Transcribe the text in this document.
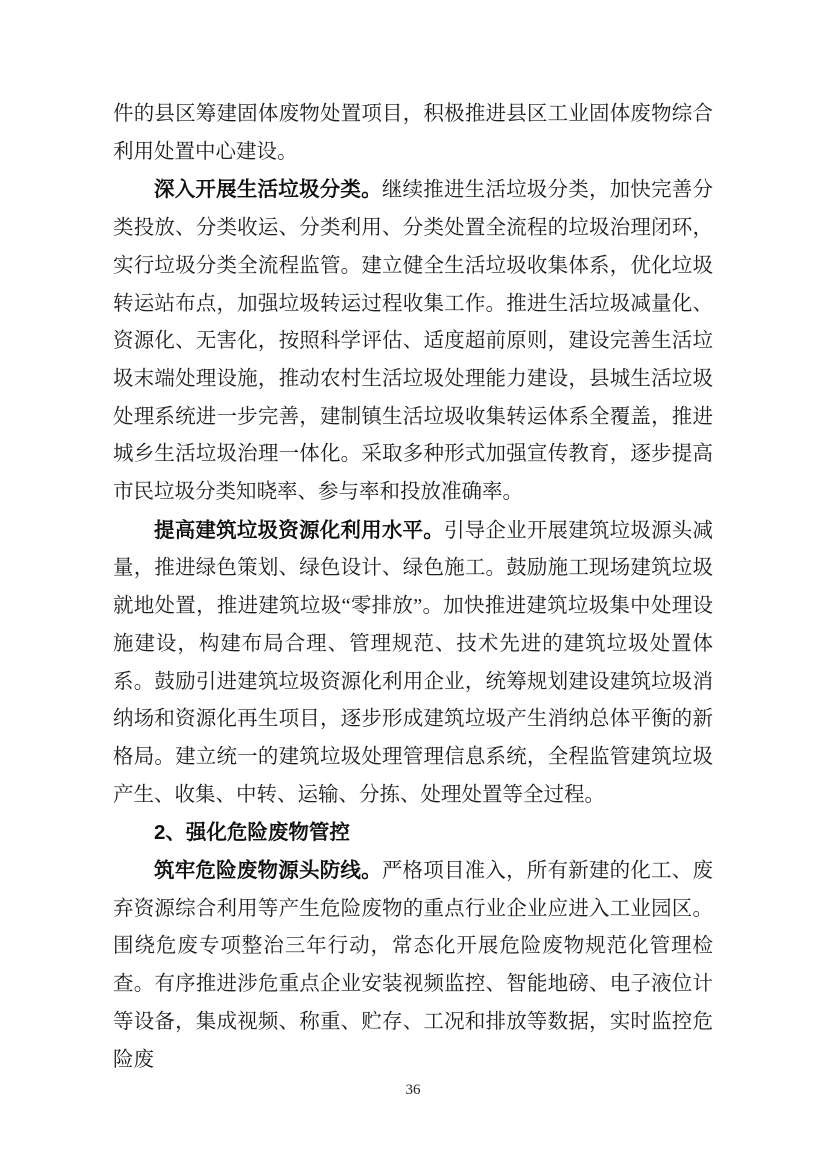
件的县区筹建固体废物处置项目，积极推进县区工业固体废物综合利用处置中心建设。

深入开展生活垃圾分类。继续推进生活垃圾分类，加快完善分类投放、分类收运、分类利用、分类处置全流程的垃圾治理闭环，实行垃圾分类全流程监管。建立健全生活垃圾收集体系，优化垃圾转运站布点，加强垃圾转运过程收集工作。推进生活垃圾减量化、资源化、无害化，按照科学评估、适度超前原则，建设完善生活垃圾末端处理设施，推动农村生活垃圾处理能力建设，县城生活垃圾处理系统进一步完善，建制镇生活垃圾收集转运体系全覆盖，推进城乡生活垃圾治理一体化。采取多种形式加强宣传教育，逐步提高市民垃圾分类知晓率、参与率和投放准确率。

提高建筑垃圾资源化利用水平。引导企业开展建筑垃圾源头减量，推进绿色策划、绿色设计、绿色施工。鼓励施工现场建筑垃圾就地处置，推进建筑垃圾“零排放”。加快推进建筑垃圾集中处理设施建设，构建布局合理、管理规范、技术先进的建筑垃圾处置体系。鼓励引进建筑垃圾资源化利用企业，统筹规划建设建筑垃圾消纳场和资源化再生项目，逐步形成建筑垃圾产生消纳总体平衡的新格局。建立统一的建筑垃圾处理管理信息系统，全程监管建筑垃圾产生、收集、中转、运输、分拣、处理处置等全过程。

2、强化危险废物管控

筑牢危险废物源头防线。严格项目准入，所有新建的化工、废弃资源综合利用等产生危险废物的重点行业企业应进入工业园区。围绕危废专项整治三年行动，常态化开展危险废物规范化管理检查。有序推进涉危重点企业安装视频监控、智能地磅、电子液位计等设备，集成视频、称重、贮存、工况和排放等数据，实时监控危险废

36
